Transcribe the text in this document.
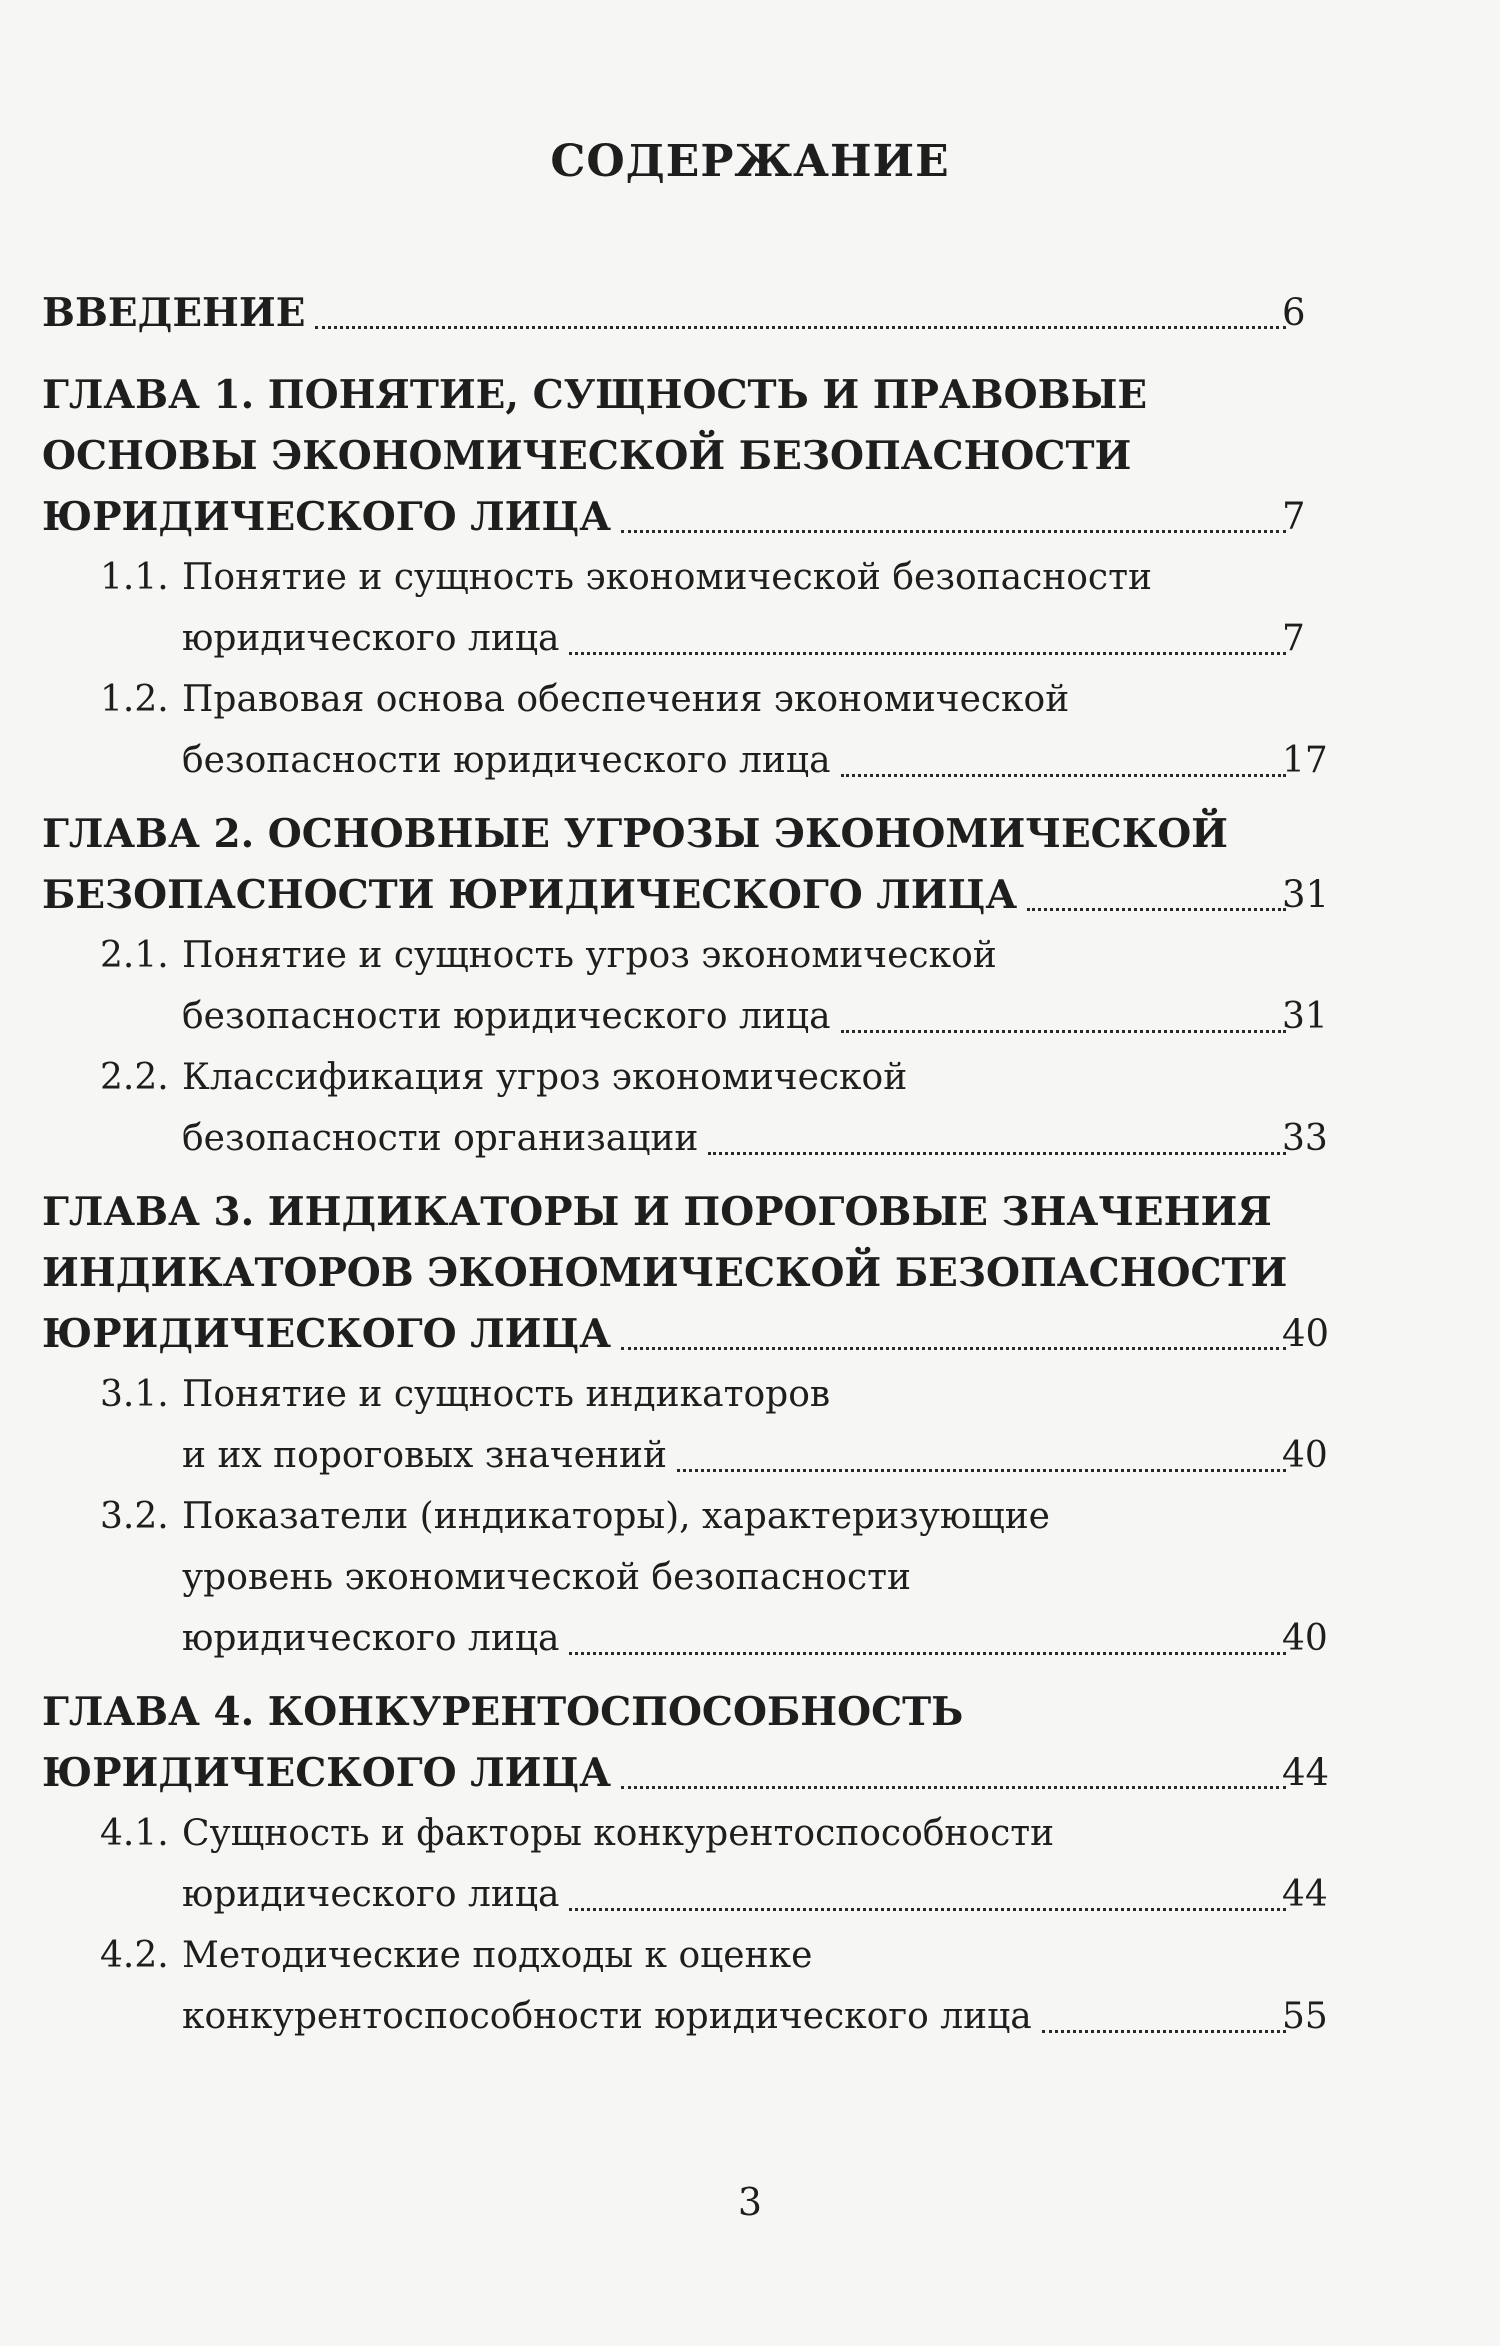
СОДЕРЖАНИЕ
ВВЕДЕНИЕ	6
ГЛАВА 1. ПОНЯТИЕ, СУЩНОСТЬ И ПРАВОВЫЕ
ОСНОВЫ ЭКОНОМИЧЕСКОЙ БЕЗОПАСНОСТИ
ЮРИДИЧЕСКОГО ЛИЦА	7
1.1. Понятие и сущность экономической безопасности
юридического лица	7
1.2. Правовая основа обеспечения экономической
безопасности юридического лица	17
ГЛАВА 2. ОСНОВНЫЕ УГРОЗЫ ЭКОНОМИЧЕСКОЙ
БЕЗОПАСНОСТИ ЮРИДИЧЕСКОГО ЛИЦА	31
2.1. Понятие и сущность угроз экономической
безопасности юридического лица	31
2.2. Классификация угроз экономической
безопасности организации	33
ГЛАВА 3. ИНДИКАТОРЫ И ПОРОГОВЫЕ ЗНАЧЕНИЯ
ИНДИКАТОРОВ ЭКОНОМИЧЕСКОЙ БЕЗОПАСНОСТИ
ЮРИДИЧЕСКОГО ЛИЦА	40
3.1. Понятие и сущность индикаторов
и их пороговых значений	40
3.2. Показатели (индикаторы), характеризующие
уровень экономической безопасности
юридического лица	40
ГЛАВА 4. КОНКУРЕНТОСПОСОБНОСТЬ
ЮРИДИЧЕСКОГО ЛИЦА	44
4.1. Сущность и факторы конкурентоспособности
юридического лица	44
4.2. Методические подходы к оценке
конкурентоспособности юридического лица	55
3
